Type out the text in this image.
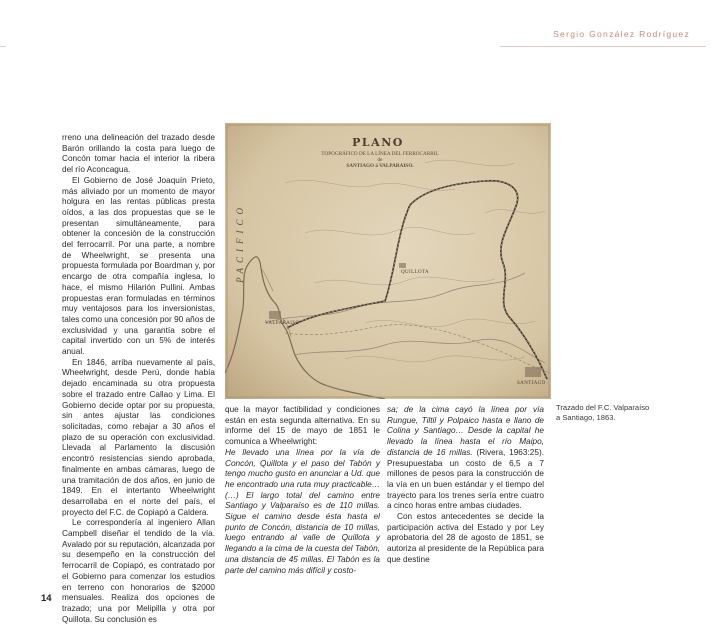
Sergio González Rodríguez
PLANO
TOPOGRÁFICO DE LA LÍNEA DEL FERROCARRIL
de
SANTIAGO á VALPARAISO.
PACIFICO
SANTIAGO
QUILLOTA
VALPARAISO
Trazado del F.C. Valparaíso
a Santiago, 1863.

rreno una delineación del trazado desde Barón orillando la costa para luego de Concón tomar hacia el interior la ribera del río Aconcagua.

El Gobierno de José Joaquín Prieto, más aliviado por un momento de mayor holgura en las rentas públicas presta oídos, a las dos propuestas que se le presentan simultáneamente, para obtener la concesión de la construcción del ferrocarril. Por una parte, a nombre de Wheelwright, se presenta una propuesta formulada por Boardman y, por encargo de otra compañía inglesa, lo hace, el mismo Hilarión Pullini. Ambas propuestas eran formuladas en términos muy ventajosos para los inversionistas, tales como una concesión por 90 años de exclusividad y una garantía sobre el capital invertido con un 5% de interés anual.

En 1846, arriba nuevamente al país, Wheelwright, desde Perú, donde había dejado encaminada su otra propuesta sobre el trazado entre Callao y Lima. El Gobierno decide optar por su propuesta, sin antes ajustar las condiciones solicitadas, como rebajar a 30 años el plazo de su operación con exclusividad. Llevada al Parlamento la discusión encontró resistencias siendo aprobada, finalmente en ambas cámaras, luego de una tramitación de dos años, en junio de 1849. En el intertanto Wheelwright desarrollaba en el norte del país, el proyecto del F.C. de Copiapó a Caldera.

Le correspondería al ingeniero Allan Campbell diseñar el tendido de la vía. Avalado por su reputación, alcanzada por su desempeño en la construcción del ferrocarril de Copiapó, es contratado por el Gobierno para comenzar los estudios en terreno con honorarios de $2000 mensuales. Realiza dos opciones de trazado; una por Melipilla y otra por Quillota. Su conclusión es

que la mayor factibilidad y condiciones están en esta segunda alternativa. En su informe del 15 de mayo de 1851 le comunica a Wheelwright:

He llevado una línea por la vía de Concón, Quillota y el paso del Tabón y tengo mucho gusto en anunciar a Ud. que he encontrado una ruta muy practicable…(…) El largo total del camino entre Santiago y Valparaíso es de 110 millas. Sigue el camino desde ésta hasta el punto de Concón, distancia de 10 millas, luego entrando al valle de Quillota y llegando a la cima de la cuesta del Tabón, una distancia de 45 millas. El Tabón es la parte del camino más difícil y costo-

sa; de la cima cayó la línea por vía Rungue, Tiltil y Polpaico hasta e llano de Colina y Santiago… Desde la capital he llevado la línea hasta el río Maipo, distancia de 16 millas. (Rivera, 1963:25). Presupuestaba un costo de 6,5 a 7 millones de pesos para la construcción de la vía en un buen estándar y el tiempo del trayecto para los trenes sería entre cuatro a cinco horas entre ambas ciudades.

Con estos antecedentes se decide la participación activa del Estado y por Ley aprobatoria del 28 de agosto de 1851, se autoriza al presidente de la República para que destine

14
